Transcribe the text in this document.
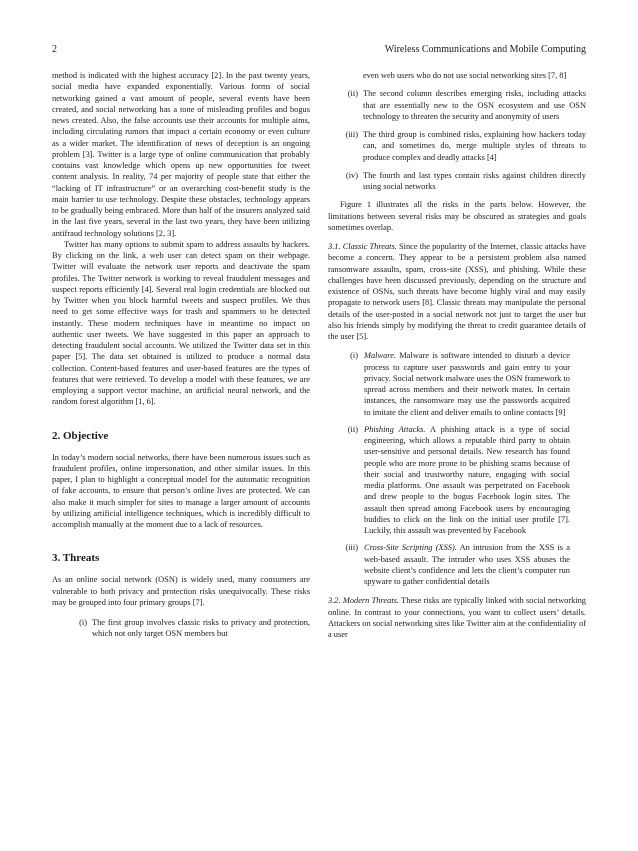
2	Wireless Communications and Mobile Computing

method is indicated with the highest accuracy [2]. In the past twenty years, social media have expanded exponentially. Various forms of social networking gained a vast amount of people, several events have been created, and social networking has a tone of misleading profiles and bogus news created. Also, the false accounts use their accounts for multiple aims, including circulating rumors that impact a certain economy or even culture as a wider market. The identification of news of deception is an ongoing problem [3]. Twitter is a large type of online communication that probably contains vast knowledge which opens up new opportunities for tweet content analysis. In reality, 74 per majority of people state that either the “lacking of IT infrastructure” or an overarching cost-benefit study is the main barrier to use technology. Despite these obstacles, technology appears to be gradually being embraced. More than half of the insurers analyzed said in the last five years, several in the last two years, they have been utilizing antifraud technology solutions [2, 3].

Twitter has many options to submit spam to address assaults by hackers. By clicking on the link, a web user can detect spam on their webpage. Twitter will evaluate the network user reports and deactivate the spam profiles. The Twitter network is working to reveal fraudulent messages and suspect reports efficiently [4]. Several real login credentials are blocked out by Twitter when you block harmful tweets and suspect profiles. We thus need to get some effective ways for trash and spammers to be detected instantly. These modern techniques have in meantime no impact on authentic user tweets. We have suggested in this paper an approach to detecting fraudulent social accounts. We utilized the Twitter data set in this paper [5]. The data set obtained is utilized to produce a normal data collection. Content-based features and user-based features are the types of features that were retrieved. To develop a model with these features, we are employing a support vector machine, an artificial neural network, and the random forest algorithm [1, 6].

2. Objective

In today’s modern social networks, there have been numerous issues such as fraudulent profiles, online impersonation, and other similar issues. In this paper, I plan to highlight a conceptual model for the automatic recognition of fake accounts, to ensure that person’s online lives are protected. We can also make it much simpler for sites to manage a larger amount of accounts by utilizing artificial intelligence techniques, which is incredibly difficult to accomplish manually at the moment due to a lack of resources.

3. Threats

As an online social network (OSN) is widely used, many consumers are vulnerable to both privacy and protection risks unequivocally. These risks may be grouped into four primary groups [7].

(i) The first group involves classic risks to privacy and protection, which not only target OSN members but
even web users who do not use social networking sites [7, 8]
(ii) The second column describes emerging risks, including attacks that are essentially new to the OSN ecosystem and use OSN technology to threaten the security and anonymity of users
(iii) The third group is combined risks, explaining how hackers today can, and sometimes do, merge multiple styles of threats to produce complex and deadly attacks [4]
(iv) The fourth and last types contain risks against children directly using social networks

Figure 1 illustrates all the risks in the parts below. However, the limitations between several risks may be obscured as strategies and goals sometimes overlap.

3.1. Classic Threats. Since the popularity of the Internet, classic attacks have become a concern. They appear to be a persistent problem also named ransomware assaults, spam, cross-site (XSS), and phishing. While these challenges have been discussed previously, depending on the structure and existence of OSNs, such threats have become highly viral and may easily propagate to network users [8]. Classic threats may manipulate the personal details of the user-posted in a social network not just to target the user but also his friends simply by modifying the threat to credit guarantee details of the user [5].

(i) Malware. Malware is software intended to disturb a device process to capture user passwords and gain entry to your privacy. Social network malware uses the OSN framework to spread across members and their network mates. In certain instances, the ransomware may use the passwords acquired to imitate the client and deliver emails to online contacts [9]
(ii) Phishing Attacks. A phishing attack is a type of social engineering, which allows a reputable third party to obtain user-sensitive and personal details. New research has found people who are more prone to be phishing scams because of their social and trustworthy nature, engaging with social media platforms. One assault was perpetrated on Facebook and drew people to the bogus Facebook login sites. The assault then spread among Facebook users by encouraging buddies to click on the link on the initial user profile [7]. Luckily, this assault was prevented by Facebook
(iii) Cross-Site Scripting (XSS). An intrusion from the XSS is a web-based assault. The intruder who uses XSS abuses the website client’s confidence and lets the client’s computer run spyware to gather confidential details

3.2. Modern Threats. These risks are typically linked with social networking online. In contrast to your connections, you want to collect users’ details. Attackers on social networking sites like Twitter aim at the confidentiality of a user
